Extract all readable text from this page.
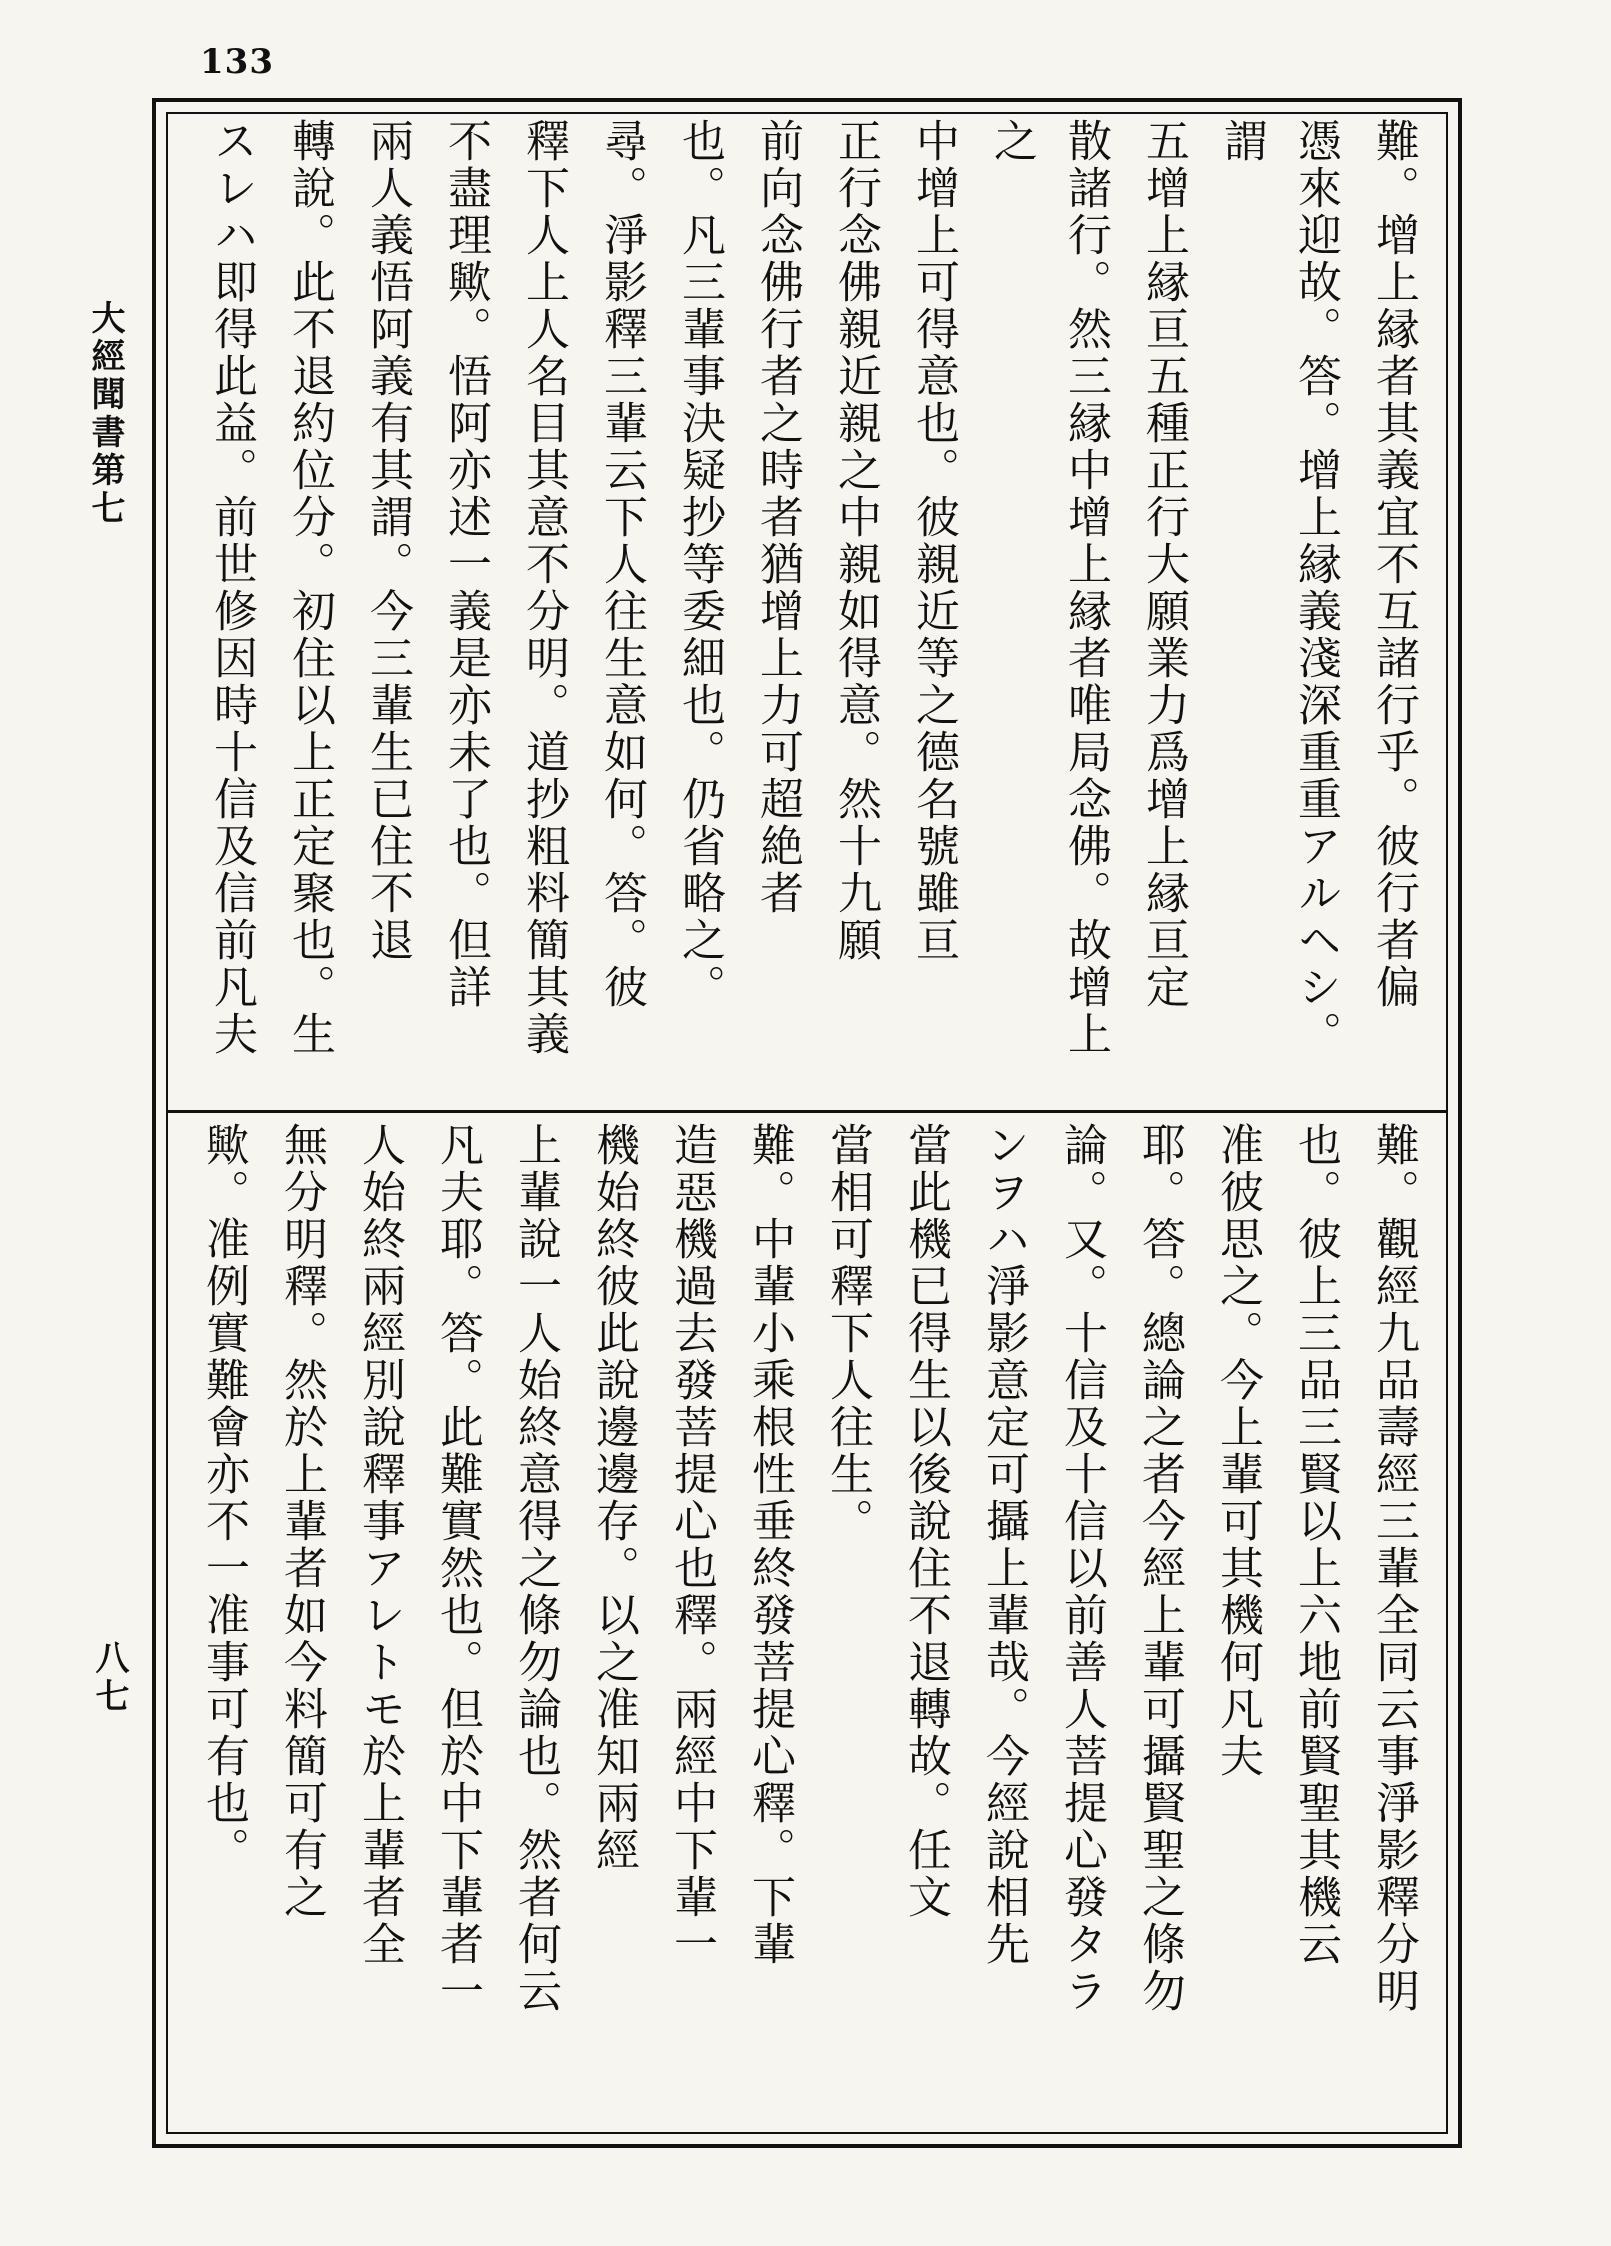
133
大經聞書第七
八七
難。增上縁者其義宜不互諸行乎。彼行者偏
憑來迎故。答。增上縁義淺深重重アルヘシ。謂
五增上縁亘五種正行大願業力爲增上縁亘定
散諸行。然三縁中增上縁者唯局念佛。故增上之
中增上可得意也。彼親近等之德名號雖亘
正行念佛親近親之中親如得意。然十九願
前向念佛行者之時者猶增上力可超絶者
也。凡三輩事決疑抄等委細也。仍省略之。
尋。淨影釋三輩云下人往生意如何。答。彼
釋下人上人名目其意不分明。道抄粗料簡其義
不盡理歟。悟阿亦述一義是亦未了也。但詳
兩人義悟阿義有其謂。今三輩生已住不退
轉說。此不退約位分。初住以上正定聚也。生
スレハ即得此益。前世修因時十信及信前凡夫
難。觀經九品壽經三輩全同云事淨影釋分明
也。彼上三品三賢以上六地前賢聖其機云
准彼思之。今上輩可其機何凡夫
耶。答。總論之者今經上輩可攝賢聖之條勿
論。又。十信及十信以前善人菩提心發タラ
ンヲハ淨影意定可攝上輩哉。今經說相先
當此機已得生以後說住不退轉故。任文
當相可釋下人往生。
難。中輩小乘根性垂終發菩提心釋。下輩
造惡機過去發菩提心也釋。兩經中下輩一
機始終彼此說邊邊存。以之准知兩經
上輩說一人始終意得之條勿論也。然者何云
凡夫耶。答。此難實然也。但於中下輩者一
人始終兩經別說釋事アレトモ於上輩者全
無分明釋。然於上輩者如今料簡可有之
歟。准例實難會亦不一准事可有也。
